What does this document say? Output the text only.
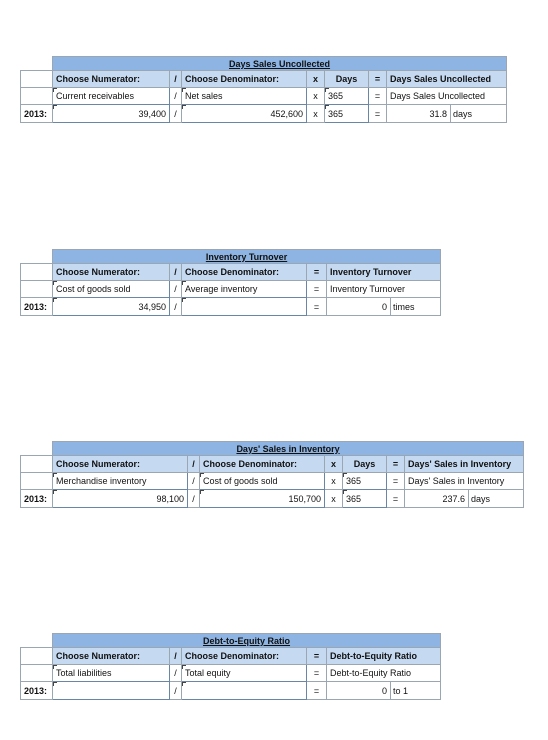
	Days Sales Uncollected							
	Choose Numerator:	/	Choose Denominator:	x	Days	=	Days Sales Uncollected	
	Current receivables	/	Net sales	x	365	=	Days Sales Uncollected	
2013:	39,400	/	452,600	x	365	=	31.8	days
	Inventory Turnover					
	Choose Numerator:	/	Choose Denominator:	=	Inventory Turnover	
	Cost of goods sold	/	Average inventory	=	Inventory Turnover	
2013:	34,950	/		=	0	times
	Days' Sales in Inventory							
	Choose Numerator:	/	Choose Denominator:	x	Days	=	Days' Sales in Inventory	
	Merchandise inventory	/	Cost of goods sold	x	365	=	Days' Sales in Inventory	
2013:	98,100	/	150,700	x	365	=	237.6	days
	Debt-to-Equity Ratio					
	Choose Numerator:	/	Choose Denominator:	=	Debt-to-Equity Ratio	
	Total liabilities	/	Total equity	=	Debt-to-Equity Ratio	
2013:		/		=	0	to 1
